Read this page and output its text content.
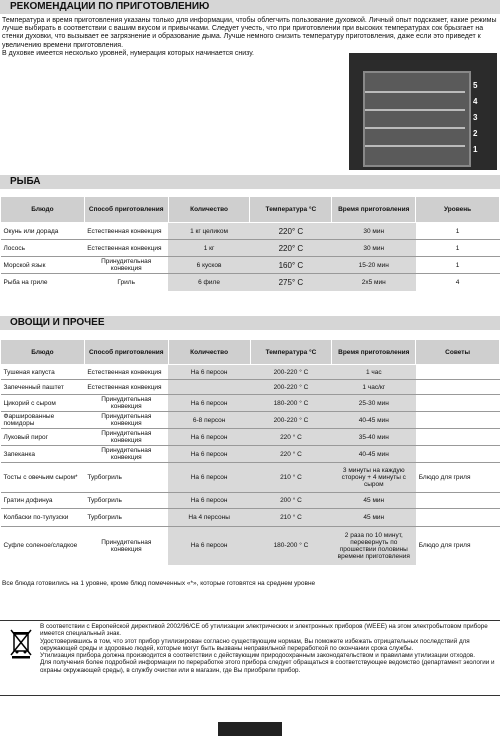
РЕКОМЕНДАЦИИ ПО ПРИГОТОВЛЕНИЮ
Температура и время приготовления указаны только для информации, чтобы облегчить пользование духовкой. Личный опыт подскажет, какие режимы лучше выбирать в соответствии с вашим вкусом и привычками. Следует учесть, что при приготовлении при высоких температурах сок брызгает на стенки духовки, что вызывает ее загрязнение и образование дыма. Лучше немного снизить температуру приготовления, даже если это приведет к увеличению времени приготовления.
В духовке имеется несколько уровней, нумерация которых начинается снизу.
5
4
3
2
1
РЫБА
Блюдо	Способ приготовления	Количество	Температура °С	Время приготовления	Уровень
Окунь или дорада	Естественная конвекция	1 кг целиком	220° C	30 мин	1
Лосось	Естественная конвекция	1 кг	220° C	30 мин	1
Морской язык	Принудительная конвекция	6 кусков	160° C	15-20 мин	1
Рыба на гриле	Гриль	6 филе	275° C	2x5 мин	4
ОВОЩИ И ПРОЧЕЕ
Блюдо	Способ приготовления	Количество	Температура °С	Время приготовления	Советы
Тушеная капуста	Естественная конвекция	На 6 персон	200-220 ° C	1 час	
Запеченный паштет	Естественная конвекция		200-220 ° C	1 час/кг	
Цикорий с сыром	Принудительная конвекция	На 6 персон	180-200 ° C	25-30 мин	
Фаршированные помидоры	Принудительная конвекция	6-8 персон	200-220 ° C	40-45 мин	
Луковый пирог	Принудительная конвекция	На 6 персон	220 ° C	35-40 мин	
Запеканка	Принудительная конвекция	На 6 персон	220 ° C	40-45 мин	
Тосты с овечьим сыром*	Турбогриль	На 6 персон	210 ° C	3 минуты на каждую сторону + 4 минуты с сыром	Блюдо для гриля
Гратин дофинуа	Турбогриль	На 6 персон	200 ° C	45 мин	
Колбаски по-тулузски	Турбогриль	На 4 персоны	210 ° C	45 мин	
Суфле соленое/сладкое	Принудительная конвекция	На 6 персон	180-200 ° C	2 раза по 10 минут, перевернуть по прошествии половины времени приготовления	Блюдо для гриля
Все блюда готовились на 1 уровне, кроме блюд помеченных «*», которые готовятся на среднем уровне
В соответствии с Европейской директивой 2002/96/CE об утилизации электрических и электронных приборов (WEEE) на этом электробытовом приборе имеется специальный знак.
Удостоверившись в том, что этот прибор утилизирован согласно существующим нормам, Вы поможете избежать отрицательных последствий для окружающей среды и здоровью людей, которые могут быть вызваны неправильной переработкой по окончании срока службы.
Утилизация прибора должна производится в соответствии с действующим природоохранным законодательством и правилами утилизации отходов.
Для получения более подробной информации по переработке этого прибора следует обращаться в соответствующее ведомство (департамент экологии и охраны окружающей среды), в службу очистки или в магазин, где Вы приобрели прибор.
